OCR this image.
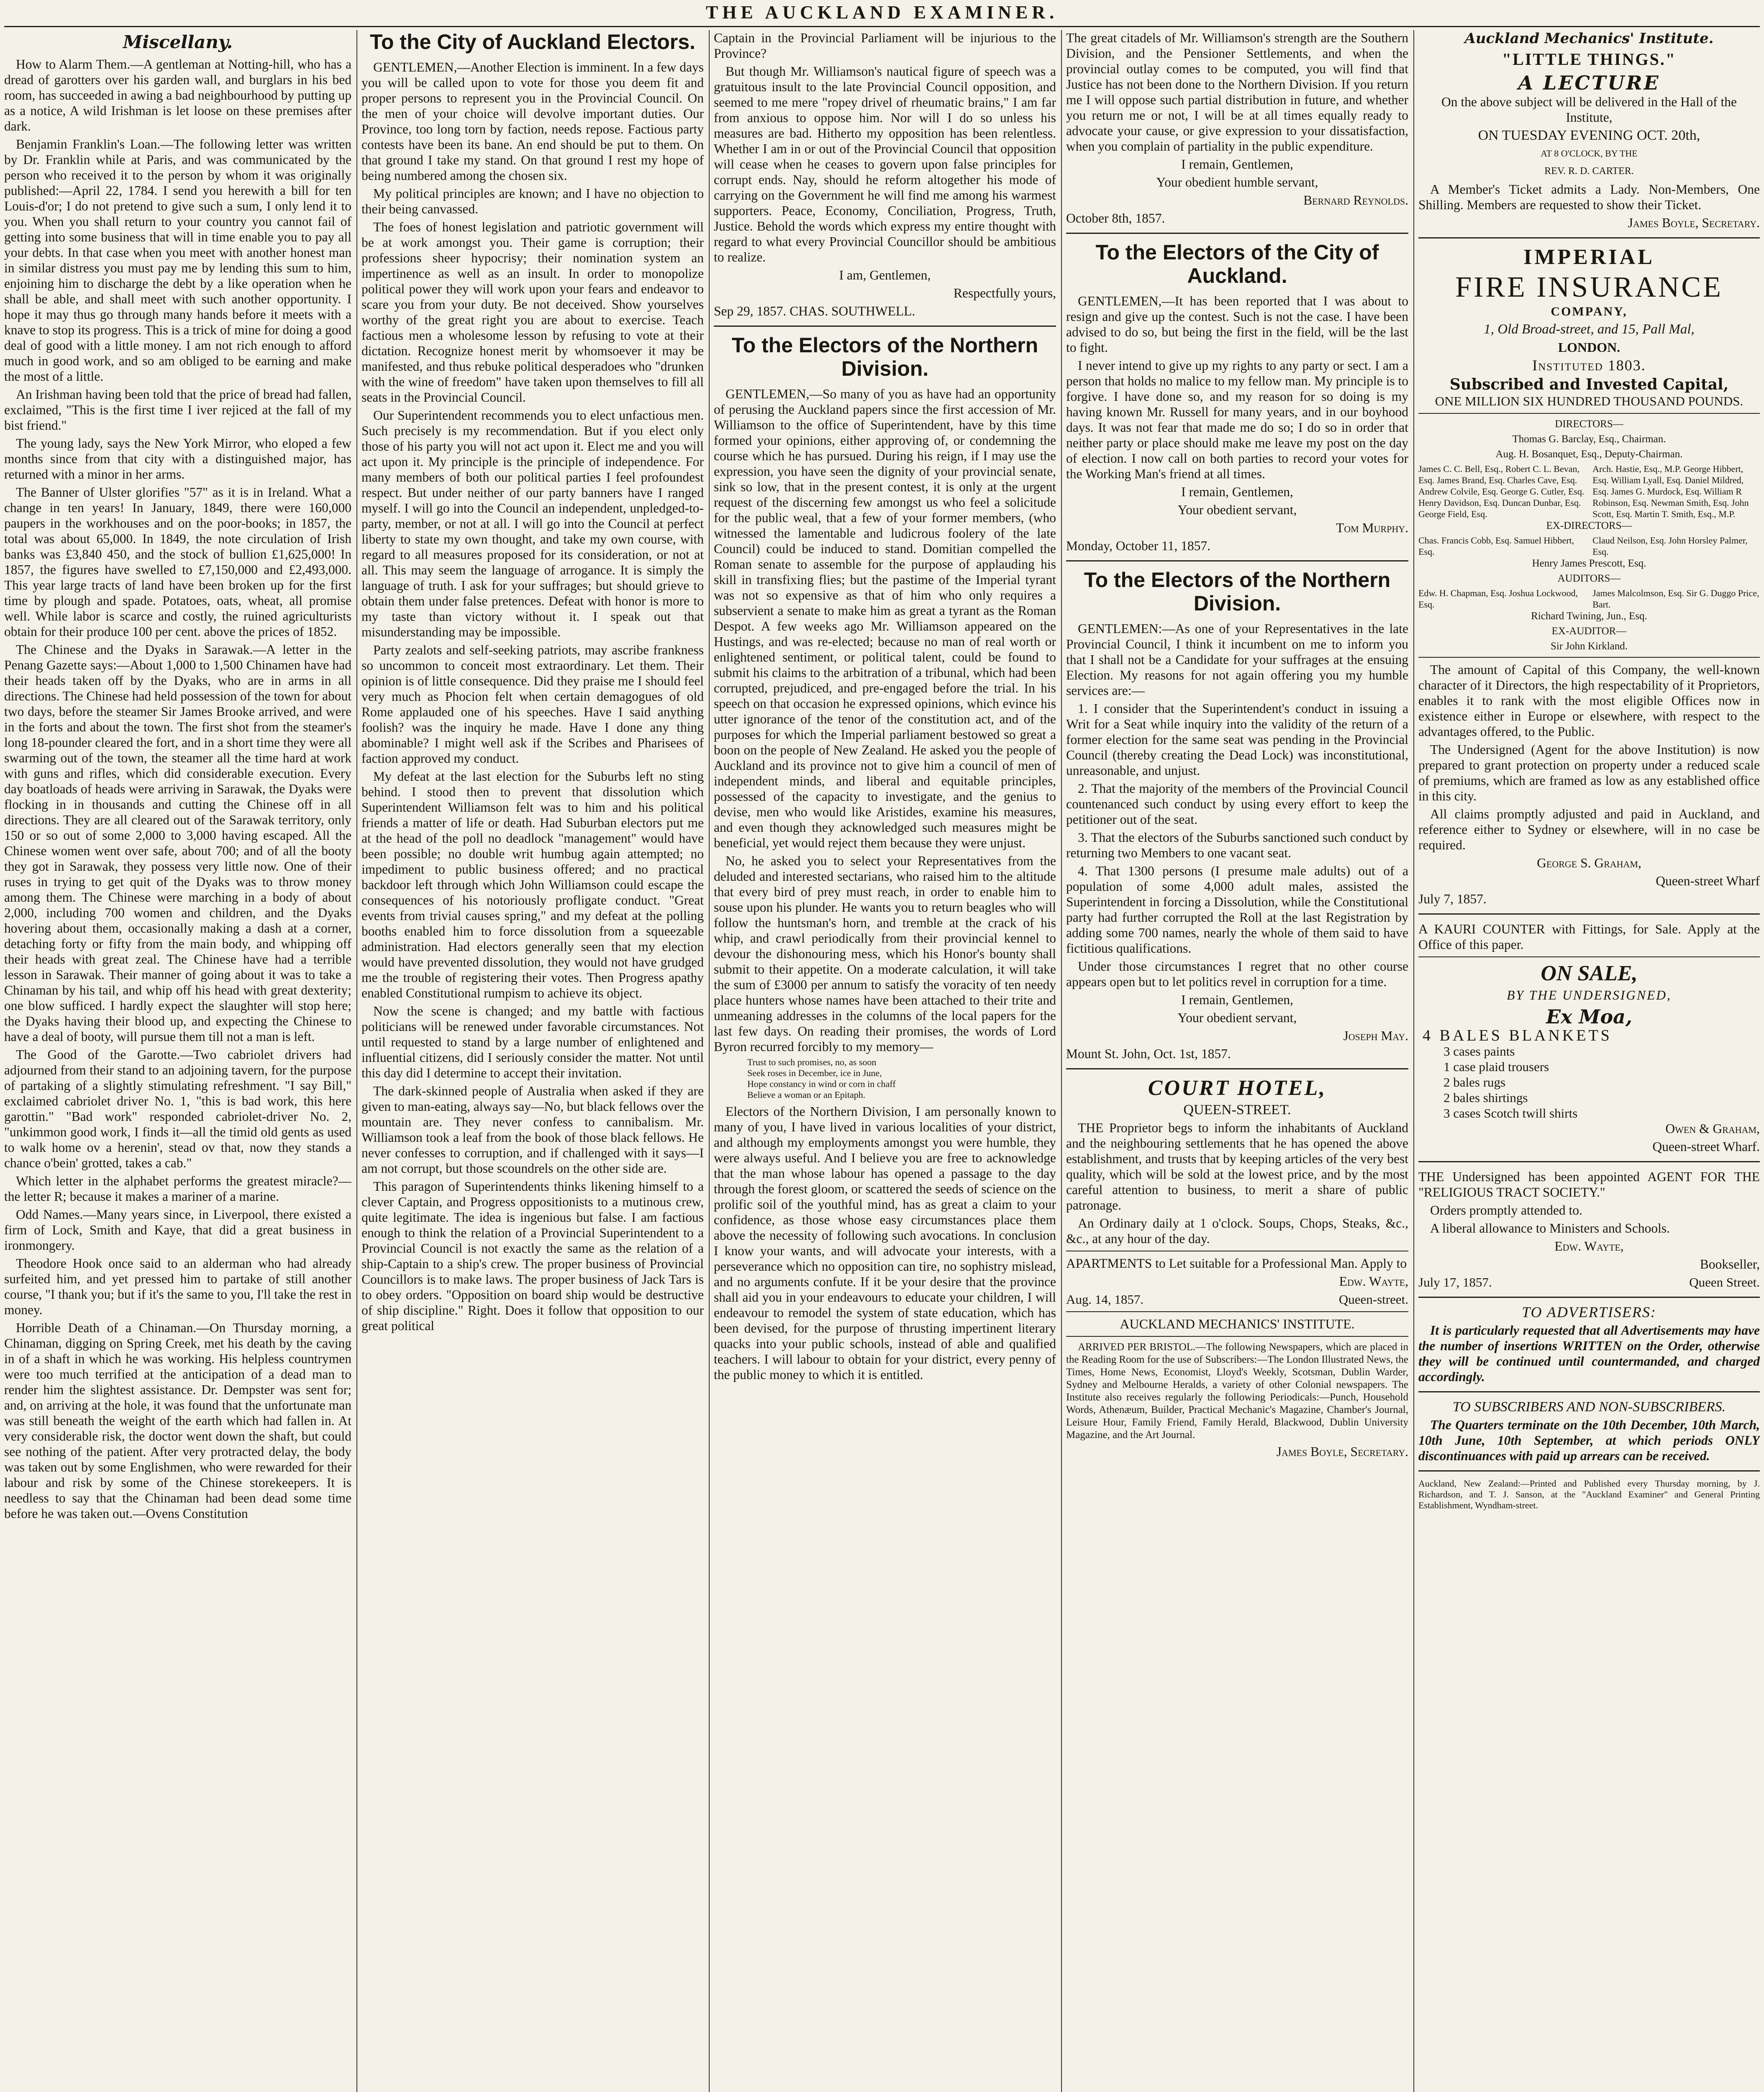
THE AUCKLAND EXAMINER.
Miscellany.

How to Alarm Them.—A gentleman at Notting-hill, who has a dread of garotters over his garden wall, and burglars in his bed room, has succeeded in awing a bad neighbourhood by putting up as a notice, A wild Irishman is let loose on these premises after dark.

Benjamin Franklin's Loan.—The following letter was written by Dr. Franklin while at Paris, and was communicated by the person who received it to the person by whom it was originally published:—April 22, 1784. I send you herewith a bill for ten Louis-d'or; I do not pretend to give such a sum, I only lend it to you. When you shall return to your country you cannot fail of getting into some business that will in time enable you to pay all your debts. In that case when you meet with another honest man in similar distress you must pay me by lending this sum to him, enjoining him to discharge the debt by a like operation when he shall be able, and shall meet with such another opportunity. I hope it may thus go through many hands before it meets with a knave to stop its progress. This is a trick of mine for doing a good deal of good with a little money. I am not rich enough to afford much in good work, and so am obliged to be earning and make the most of a little.

An Irishman having been told that the price of bread had fallen, exclaimed, "This is the first time I iver rejiced at the fall of my bist friend."

The young lady, says the New York Mirror, who eloped a few months since from that city with a distinguished major, has returned with a minor in her arms.

The Banner of Ulster glorifies "57" as it is in Ireland. What a change in ten years! In January, 1849, there were 160,000 paupers in the workhouses and on the poor-books; in 1857, the total was about 65,000. In 1849, the note circulation of Irish banks was £3,840 450, and the stock of bullion £1,625,000! In 1857, the figures have swelled to £7,150,000 and £2,493,000. This year large tracts of land have been broken up for the first time by plough and spade. Potatoes, oats, wheat, all promise well. While labor is scarce and costly, the ruined agriculturists obtain for their produce 100 per cent. above the prices of 1852.

The Chinese and the Dyaks in Sarawak.—A letter in the Penang Gazette says:—About 1,000 to 1,500 Chinamen have had their heads taken off by the Dyaks, who are in arms in all directions. The Chinese had held possession of the town for about two days, before the steamer Sir James Brooke arrived, and were in the forts and about the town. The first shot from the steamer's long 18-pounder cleared the fort, and in a short time they were all swarming out of the town, the steamer all the time hard at work with guns and rifles, which did considerable execution. Every day boatloads of heads were arriving in Sarawak, the Dyaks were flocking in in thousands and cutting the Chinese off in all directions. They are all cleared out of the Sarawak territory, only 150 or so out of some 2,000 to 3,000 having escaped. All the Chinese women went over safe, about 700; and of all the booty they got in Sarawak, they possess very little now. One of their ruses in trying to get quit of the Dyaks was to throw money among them. The Chinese were marching in a body of about 2,000, including 700 women and children, and the Dyaks hovering about them, occasionally making a dash at a corner, detaching forty or fifty from the main body, and whipping off their heads with great zeal. The Chinese have had a terrible lesson in Sarawak. Their manner of going about it was to take a Chinaman by his tail, and whip off his head with great dexterity; one blow sufficed. I hardly expect the slaughter will stop here; the Dyaks having their blood up, and expecting the Chinese to have a deal of booty, will pursue them till not a man is left.

The Good of the Garotte.—Two cabriolet drivers had adjourned from their stand to an adjoining tavern, for the purpose of partaking of a slightly stimulating refreshment. "I say Bill," exclaimed cabriolet driver No. 1, "this is bad work, this here garottin." "Bad work" responded cabriolet-driver No. 2, "unkimmon good work, I finds it—all the timid old gents as used to walk home ov a herenin', stead ov that, now they stands a chance o'bein' grotted, takes a cab."

Which letter in the alphabet performs the greatest miracle?—the letter R; because it makes a mariner of a marine.

Odd Names.—Many years since, in Liverpool, there existed a firm of Lock, Smith and Kaye, that did a great business in ironmongery.

Theodore Hook once said to an alderman who had already surfeited him, and yet pressed him to partake of still another course, "I thank you; but if it's the same to you, I'll take the rest in money.

Horrible Death of a Chinaman.—On Thursday morning, a Chinaman, digging on Spring Creek, met his death by the caving in of a shaft in which he was working. His helpless countrymen were too much terrified at the anticipation of a dead man to render him the slightest assistance. Dr. Dempster was sent for; and, on arriving at the hole, it was found that the unfortunate man was still beneath the weight of the earth which had fallen in. At very considerable risk, the doctor went down the shaft, but could see nothing of the patient. After very protracted delay, the body was taken out by some Englishmen, who were rewarded for their labour and risk by some of the Chinese storekeepers. It is needless to say that the Chinaman had been dead some time before he was taken out.—Ovens Constitution

To the City of Auckland Electors.

GENTLEMEN,—Another Election is imminent. In a few days you will be called upon to vote for those you deem fit and proper persons to represent you in the Provincial Council. On the men of your choice will devolve important duties. Our Province, too long torn by faction, needs repose. Factious party contests have been its bane. An end should be put to them. On that ground I take my stand. On that ground I rest my hope of being numbered among the chosen six.

My political principles are known; and I have no objection to their being canvassed.

The foes of honest legislation and patriotic government will be at work amongst you. Their game is corruption; their professions sheer hypocrisy; their nomination system an impertinence as well as an insult. In order to monopolize political power they will work upon your fears and endeavor to scare you from your duty. Be not deceived. Show yourselves worthy of the great right you are about to exercise. Teach factious men a wholesome lesson by refusing to vote at their dictation. Recognize honest merit by whomsoever it may be manifested, and thus rebuke political desperadoes who "drunken with the wine of freedom" have taken upon themselves to fill all seats in the Provincial Council.

Our Superintendent recommends you to elect unfactious men. Such precisely is my recommendation. But if you elect only those of his party you will not act upon it. Elect me and you will act upon it. My principle is the principle of independence. For many members of both our political parties I feel profoundest respect. But under neither of our party banners have I ranged myself. I will go into the Council an independent, unpledged-to-party, member, or not at all. I will go into the Council at perfect liberty to state my own thought, and take my own course, with regard to all measures proposed for its consideration, or not at all. This may seem the language of arrogance. It is simply the language of truth. I ask for your suffrages; but should grieve to obtain them under false pretences. Defeat with honor is more to my taste than victory without it. I speak out that misunderstanding may be impossible.

Party zealots and self-seeking patriots, may ascribe frankness so uncommon to conceit most extraordinary. Let them. Their opinion is of little consequence. Did they praise me I should feel very much as Phocion felt when certain demagogues of old Rome applauded one of his speeches. Have I said anything foolish? was the inquiry he made. Have I done any thing abominable? I might well ask if the Scribes and Pharisees of faction approved my conduct.

My defeat at the last election for the Suburbs left no sting behind. I stood then to prevent that dissolution which Superintendent Williamson felt was to him and his political friends a matter of life or death. Had Suburban electors put me at the head of the poll no deadlock "management" would have been possible; no double writ humbug again attempted; no impediment to public business offered; and no practical backdoor left through which John Williamson could escape the consequences of his notoriously profligate conduct. "Great events from trivial causes spring," and my defeat at the polling booths enabled him to force dissolution from a squeezable administration. Had electors generally seen that my election would have prevented dissolution, they would not have grudged me the trouble of registering their votes. Then Progress apathy enabled Constitutional rumpism to achieve its object.

Now the scene is changed; and my battle with factious politicians will be renewed under favorable circumstances. Not until requested to stand by a large number of enlightened and influential citizens, did I seriously consider the matter. Not until this day did I determine to accept their invitation.

The dark-skinned people of Australia when asked if they are given to man-eating, always say—No, but black fellows over the mountain are. They never confess to cannibalism. Mr. Williamson took a leaf from the book of those black fellows. He never confesses to corruption, and if challenged with it says—I am not corrupt, but those scoundrels on the other side are.

This paragon of Superintendents thinks likening himself to a clever Captain, and Progress oppositionists to a mutinous crew, quite legitimate. The idea is ingenious but false. I am factious enough to think the relation of a Provincial Superintendent to a Provincial Council is not exactly the same as the relation of a ship-Captain to a ship's crew. The proper business of Provincial Councillors is to make laws. The proper business of Jack Tars is to obey orders. "Opposition on board ship would be destructive of ship discipline." Right. Does it follow that opposition to our great political

Captain in the Provincial Parliament will be injurious to the Province?

But though Mr. Williamson's nautical figure of speech was a gratuitous insult to the late Provincial Council opposition, and seemed to me mere "ropey drivel of rheumatic brains," I am far from anxious to oppose him. Nor will I do so unless his measures are bad. Hitherto my opposition has been relentless. Whether I am in or out of the Provincial Council that opposition will cease when he ceases to govern upon false principles for corrupt ends. Nay, should he reform altogether his mode of carrying on the Government he will find me among his warmest supporters. Peace, Economy, Conciliation, Progress, Truth, Justice. Behold the words which express my entire thought with regard to what every Provincial Councillor should be ambitious to realize.

I am, Gentlemen,

Respectfully yours,

Sep 29, 1857. CHAS. SOUTHWELL.

To the Electors of the Northern Division.

GENTLEMEN,—So many of you as have had an opportunity of perusing the Auckland papers since the first accession of Mr. Williamson to the office of Superintendent, have by this time formed your opinions, either approving of, or condemning the course which he has pursued. During his reign, if I may use the expression, you have seen the dignity of your provincial senate, sink so low, that in the present contest, it is only at the urgent request of the discerning few amongst us who feel a solicitude for the public weal, that a few of your former members, (who witnessed the lamentable and ludicrous foolery of the late Council) could be induced to stand. Domitian compelled the Roman senate to assemble for the purpose of applauding his skill in transfixing flies; but the pastime of the Imperial tyrant was not so expensive as that of him who only requires a subservient a senate to make him as great a tyrant as the Roman Despot. A few weeks ago Mr. Williamson appeared on the Hustings, and was re-elected; because no man of real worth or enlightened sentiment, or political talent, could be found to submit his claims to the arbitration of a tribunal, which had been corrupted, prejudiced, and pre-engaged before the trial. In his speech on that occasion he expressed opinions, which evince his utter ignorance of the tenor of the constitution act, and of the purposes for which the Imperial parliament bestowed so great a boon on the people of New Zealand. He asked you the people of Auckland and its province not to give him a council of men of independent minds, and liberal and equitable principles, possessed of the capacity to investigate, and the genius to devise, men who would like Aristides, examine his measures, and even though they acknowledged such measures might be beneficial, yet would reject them because they were unjust.

No, he asked you to select your Representatives from the deluded and interested sectarians, who raised him to the altitude that every bird of prey must reach, in order to enable him to souse upon his plunder. He wants you to return beagles who will follow the huntsman's horn, and tremble at the crack of his whip, and crawl periodically from their provincial kennel to devour the dishonouring mess, which his Honor's bounty shall submit to their appetite. On a moderate calculation, it will take the sum of £3000 per annum to satisfy the voracity of ten needy place hunters whose names have been attached to their trite and unmeaning addresses in the columns of the local papers for the last few days. On reading their promises, the words of Lord Byron recurred forcibly to my memory—

Trust to such promises, no, as soon
Seek roses in December, ice in June,
Hope constancy in wind or corn in chaff
Believe a woman or an Epitaph.

Electors of the Northern Division, I am personally known to many of you, I have lived in various localities of your district, and although my employments amongst you were humble, they were always useful. And I believe you are free to acknowledge that the man whose labour has opened a passage to the day through the forest gloom, or scattered the seeds of science on the prolific soil of the youthful mind, has as great a claim to your confidence, as those whose easy circumstances place them above the necessity of following such avocations. In conclusion I know your wants, and will advocate your interests, with a perseverance which no opposition can tire, no sophistry mislead, and no arguments confute. If it be your desire that the province shall aid you in your endeavours to educate your children, I will endeavour to remodel the system of state education, which has been devised, for the purpose of thrusting impertinent literary quacks into your public schools, instead of able and qualified teachers. I will labour to obtain for your district, every penny of the public money to which it is entitled.

The great citadels of Mr. Williamson's strength are the Southern Division, and the Pensioner Settlements, and when the provincial outlay comes to be computed, you will find that Justice has not been done to the Northern Division. If you return me I will oppose such partial distribution in future, and whether you return me or not, I will be at all times equally ready to advocate your cause, or give expression to your dissatisfaction, when you complain of partiality in the public expenditure.

I remain, Gentlemen,

Your obedient humble servant,

Bernard Reynolds.

October 8th, 1857.

To the Electors of the City of Auckland.

GENTLEMEN,—It has been reported that I was about to resign and give up the contest. Such is not the case. I have been advised to do so, but being the first in the field, will be the last to fight.

I never intend to give up my rights to any party or sect. I am a person that holds no malice to my fellow man. My principle is to forgive. I have done so, and my reason for so doing is my having known Mr. Russell for many years, and in our boyhood days. It was not fear that made me do so; I do so in order that neither party or place should make me leave my post on the day of election. I now call on both parties to record your votes for the Working Man's friend at all times.

I remain, Gentlemen,

Your obedient servant,

Tom Murphy.

Monday, October 11, 1857.

To the Electors of the Northern Division.

GENTLEMEN:—As one of your Representatives in the late Provincial Council, I think it incumbent on me to inform you that I shall not be a Candidate for your suffrages at the ensuing Election. My reasons for not again offering you my humble services are:—

1. I consider that the Superintendent's conduct in issuing a Writ for a Seat while inquiry into the validity of the return of a former election for the same seat was pending in the Provincial Council (thereby creating the Dead Lock) was inconstitutional, unreasonable, and unjust.

2. That the majority of the members of the Provincial Council countenanced such conduct by using every effort to keep the petitioner out of the seat.

3. That the electors of the Suburbs sanctioned such conduct by returning two Members to one vacant seat.

4. That 1300 persons (I presume male adults) out of a population of some 4,000 adult males, assisted the Superintendent in forcing a Dissolution, while the Constitutional party had further corrupted the Roll at the last Registration by adding some 700 names, nearly the whole of them said to have fictitious qualifications.

Under those circumstances I regret that no other course appears open but to let politics revel in corruption for a time.

I remain, Gentlemen,

Your obedient servant,

Joseph May.

Mount St. John, Oct. 1st, 1857.

COURT HOTEL,

QUEEN-STREET.

THE Proprietor begs to inform the inhabitants of Auckland and the neighbouring settlements that he has opened the above establishment, and trusts that by keeping articles of the very best quality, which will be sold at the lowest price, and by the most careful attention to business, to merit a share of public patronage.

An Ordinary daily at 1 o'clock. Soups, Chops, Steaks, &c., &c., at any hour of the day.

APARTMENTS to Let suitable for a Professional Man. Apply to

Edw. Wayte,

Aug. 14, 1857.	Queen-street.

AUCKLAND MECHANICS' INSTITUTE.

ARRIVED PER BRISTOL.—The following Newspapers, which are placed in the Reading Room for the use of Subscribers:—The London Illustrated News, the Times, Home News, Economist, Lloyd's Weekly, Scotsman, Dublin Warder, Sydney and Melbourne Heralds, a variety of other Colonial newspapers. The Institute also receives regularly the following Periodicals:—Punch, Household Words, Athenæum, Builder, Practical Mechanic's Magazine, Chamber's Journal, Leisure Hour, Family Friend, Family Herald, Blackwood, Dublin University Magazine, and the Art Journal.

James Boyle, Secretary.

Auckland Mechanics' Institute.
"LITTLE THINGS."
A LECTURE

On the above subject will be delivered in the Hall of the Institute,

ON TUESDAY EVENING OCT. 20th,

AT 8 O'CLOCK, BY THE

REV. R. D. CARTER.

A Member's Ticket admits a Lady. Non-Members, One Shilling. Members are requested to show their Ticket.

James Boyle, Secretary.

IMPERIAL
FIRE INSURANCE

COMPANY,

1, Old Broad-street, and 15, Pall Mal,

LONDON.

Instituted 1803.

Subscribed and Invested Capital,

ONE MILLION SIX HUNDRED THOUSAND POUNDS.

DIRECTORS—

Thomas G. Barclay, Esq., Chairman.

Aug. H. Bosanquet, Esq., Deputy-Chairman.

James C. C. Bell, Esq., Robert C. L. Bevan, Esq. James Brand, Esq. Charles Cave, Esq. Andrew Colvile, Esq. George G. Cutler, Esq. Henry Davidson, Esq. Duncan Dunbar, Esq. George Field, Esq.
Arch. Hastie, Esq., M.P. George Hibbert, Esq. William Lyall, Esq. Daniel Mildred, Esq. James G. Murdock, Esq. William R Robinson, Esq. Newman Smith, Esq. John Scott, Esq. Martin T. Smith, Esq., M.P.

EX-DIRECTORS—

Chas. Francis Cobb, Esq. Samuel Hibbert, Esq.
Claud Neilson, Esq. John Horsley Palmer, Esq.

Henry James Prescott, Esq.

AUDITORS—

Edw. H. Chapman, Esq. Joshua Lockwood, Esq.
James Malcolmson, Esq. Sir G. Duggo Price, Bart.

Richard Twining, Jun., Esq.

EX-AUDITOR—

Sir John Kirkland.

The amount of Capital of this Company, the well-known character of it Directors, the high respectability of it Proprietors, enables it to rank with the most eligible Offices now in existence either in Europe or elsewhere, with respect to the advantages offered, to the Public.

The Undersigned (Agent for the above Institution) is now prepared to grant protection on property under a reduced scale of premiums, which are framed as low as any established office in this city.

All claims promptly adjusted and paid in Auckland, and reference either to Sydney or elsewhere, will in no case be required.

George S. Graham,

Queen-street Wharf

July 7, 1857.

A KAURI COUNTER with Fittings, for Sale. Apply at the Office of this paper.

ON SALE,

BY THE UNDERSIGNED,

Ex Moa,
4 BALES BLANKETS
3 cases paints
1 case plaid trousers
2 bales rugs
2 bales shirtings
3 cases Scotch twill shirts

Owen & Graham,

Queen-street Wharf.

THE Undersigned has been appointed AGENT FOR THE "RELIGIOUS TRACT SOCIETY."

Orders promptly attended to.

A liberal allowance to Ministers and Schools.

Edw. Wayte,

Bookseller,

July 17, 1857.	Queen Street.

TO ADVERTISERS:

It is particularly requested that all Advertisements may have the number of insertions WRITTEN on the Order, otherwise they will be continued until countermanded, and charged accordingly.

TO SUBSCRIBERS AND NON-SUBSCRIBERS.

The Quarters terminate on the 10th December, 10th March, 10th June, 10th September, at which periods ONLY discontinuances with paid up arrears can be received.

Auckland, New Zealand:—Printed and Published every Thursday morning, by J. Richardson, and T. J. Sanson, at the "Auckland Examiner" and General Printing Establishment, Wyndham-street.
